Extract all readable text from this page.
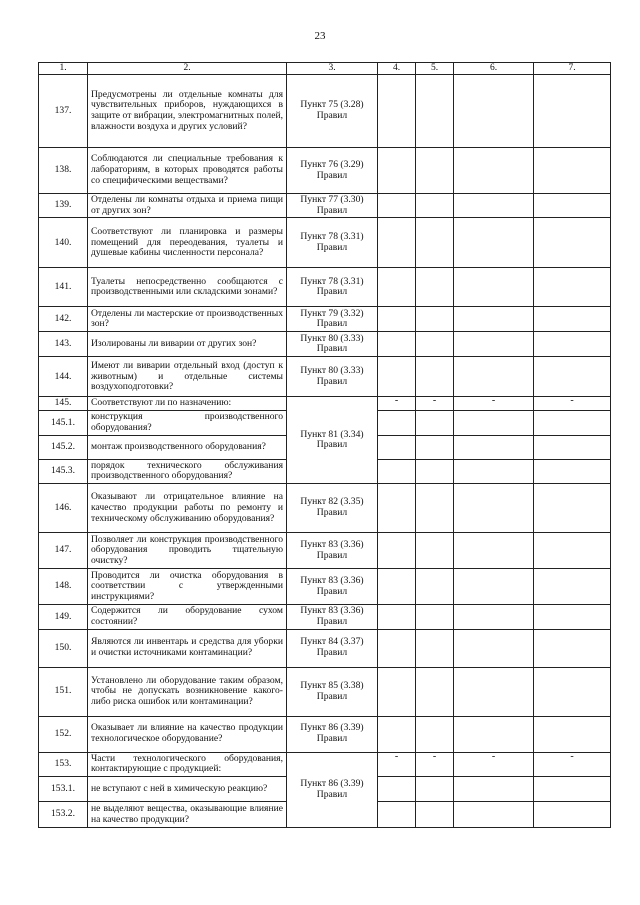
23
1.	2.	3.	4.	5.	6.	7.
137.	Предусмотрены ли отдельные комнаты для чувствительных приборов, нуждающихся в защите от вибрации, электромагнитных полей, влажности воздуха и других условий?	Пункт 75 (3.28) Правил				
138.	Соблюдаются ли специальные требования к лабораториям, в которых проводятся работы со специфическими веществами?	Пункт 76 (3.29) Правил				
139.	Отделены ли комнаты отдыха и приема пищи от других зон?	Пункт 77 (3.30) Правил				
140.	Соответствуют ли планировка и размеры помещений для переодевания, туалеты и душевые кабины численности персонала?	Пункт 78 (3.31) Правил				
141.	Туалеты непосредственно сообщаются с производственными или складскими зонами?	Пункт 78 (3.31) Правил				
142.	Отделены ли мастерские от производственных зон?	Пункт 79 (3.32) Правил				
143.	Изолированы ли виварии от других зон?	Пункт 80 (3.33) Правил				
144.	Имеют ли виварии отдельный вход (доступ к животным) и отдельные системы воздухоподготовки?	Пункт 80 (3.33) Правил				
145.	Соответствуют ли по назначению:	Пункт 81 (3.34) Правил	-	-	-	-
145.1.	конструкция производственного оборудования?					
145.2.	монтаж производственного оборудования?					
145.3.	порядок технического обслуживания производственного оборудования?					
146.	Оказывают ли отрицательное влияние на качество продукции работы по ремонту и техническому обслуживанию оборудования?	Пункт 82 (3.35) Правил				
147.	Позволяет ли конструкция производственного оборудования проводить тщательную очистку?	Пункт 83 (3.36) Правил				
148.	Проводится ли очистка оборудования в соответствии с утвержденными инструкциями?	Пункт 83 (3.36) Правил				
149.	Содержится ли оборудование сухом состоянии?	Пункт 83 (3.36) Правил				
150.	Являются ли инвентарь и средства для уборки и очистки источниками контаминации?	Пункт 84 (3.37) Правил				
151.	Установлено ли оборудование таким образом, чтобы не допускать возникновение какого-либо риска ошибок или контаминации?	Пункт 85 (3.38) Правил				
152.	Оказывает ли влияние на качество продукции технологическое оборудование?	Пункт 86 (3.39) Правил				
153.	Части технологического оборудования, контактирующие с продукцией:	Пункт 86 (3.39) Правил	-	-	-	-
153.1.	не вступают с ней в химическую реакцию?					
153.2.	не выделяют вещества, оказывающие влияние на качество продукции?					
